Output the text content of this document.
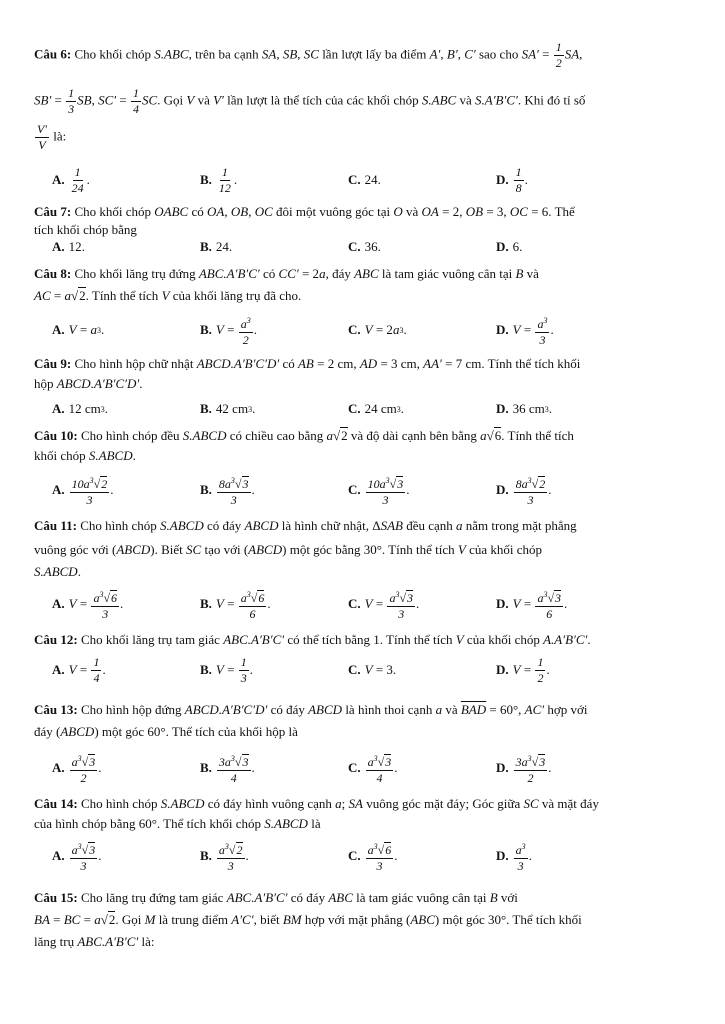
Câu 6: Cho khối chóp S.ABC, trên ba cạnh SA, SB, SC lần lượt lấy ba điểm A′, B′, C′ sao cho $SA' = \frac{1}{2}$ SA,
$SB' = \frac{1}{3}$ SB, $SC' = \frac{1}{4}$ SC. Gọi V và V′ lần lượt là thể tích của các khối chóp S.ABC và S.A′B′C′. Khi đó tỉ số
$\frac{V'}{V}$ là:
A. $\frac{1}{24}$ .	B. $\frac{1}{12}$ .	C. 24.	D. $\frac{1}{8}$ .
Câu 7: Cho khối chóp OABC có OA, OB, OC đôi một vuông góc tại O và OA = 2, OB = 3, OC = 6. Thể
tích khối chóp bằng
A. 12.	B. 24.	C. 36.	D. 6.
Câu 8: Cho khối lăng trụ đứng ABC.A′B′C′ có CC′ = 2a, đáy ABC là tam giác vuông cân tại B và
AC = a√2. Tính thể tích V của khối lăng trụ đã cho.
A. V = a 3 .	B. $V = \frac{a^3}{2}$ .	C. V = 2 a 3 .	D. $V = \frac{a^3}{3}$ .
Câu 9: Cho hình hộp chữ nhật ABCD.A′B′C′D′ có AB = 2 cm, AD = 3 cm, AA′ = 7 cm. Tính thể tích khối
hộp ABCD.A′B′C′D′.
A. 12 cm 3 .	B. 42 cm 3 .	C. 24 cm 3 .	D. 36 cm 3 .
Câu 10: Cho hình chóp đều S.ABCD có chiều cao bằng a√2 và độ dài cạnh bên bằng a√6. Tính thể tích
khối chóp S.ABCD.
A. $\frac{10a^3√2}{3}$ .	B. $\frac{8a^3√3}{3}$ .	C. $\frac{10a^3√3}{3}$ .	D. $\frac{8a^3√2}{3}$ .
Câu 11: Cho hình chóp S.ABCD có đáy ABCD là hình chữ nhật, ΔSAB đều cạnh a nằm trong mặt phẳng
vuông góc với (ABCD). Biết SC tạo với (ABCD) một góc bằng 30°. Tính thể tích V của khối chóp
S.ABCD.
A. $V = \frac{a^3√6}{3}$ .	B. $V = \frac{a^3√6}{6}$ .	C. $V = \frac{a^3√3}{3}$ .	D. $V = \frac{a^3√3}{6}$ .
Câu 12: Cho khối lăng trụ tam giác ABC.A′B′C′ có thể tích bằng 1. Tính thể tích V của khối chóp A.A′B′C′.
A. $V = \frac{1}{4}$ .	B. $V = \frac{1}{3}$ .	C. V = 3.	D. $V = \frac{1}{2}$ .
Câu 13: Cho hình hộp đứng ABCD.A′B′C′D′ có đáy ABCD là hình thoi cạnh a và $\overline{BAD} = 60^\circ$, AC′ hợp với
đáy (ABCD) một góc 60°. Thể tích của khối hộp là
A. $\frac{a^3√3}{2}$ .	B. $\frac{3a^3√3}{4}$ .	C. $\frac{a^3√3}{4}$ .	D. $\frac{3a^3√3}{2}$ .
Câu 14: Cho hình chóp S.ABCD có đáy hình vuông cạnh a; SA vuông góc mặt đáy; Góc giữa SC và mặt đáy
của hình chóp bằng 60°. Thể tích khối chóp S.ABCD là
A. $\frac{a^3√3}{3}$ .	B. $\frac{a^3√2}{3}$ .	C. $\frac{a^3√6}{3}$ .	D. $\frac{a^3}{3}$ .
Câu 15: Cho lăng trụ đứng tam giác ABC.A′B′C′ có đáy ABC là tam giác vuông cân tại B với
BA = BC = a√2. Gọi M là trung điểm A′C′, biết BM hợp với mặt phẳng (ABC) một góc 30°. Thể tích khối
lăng trụ ABC.A′B′C′ là:
